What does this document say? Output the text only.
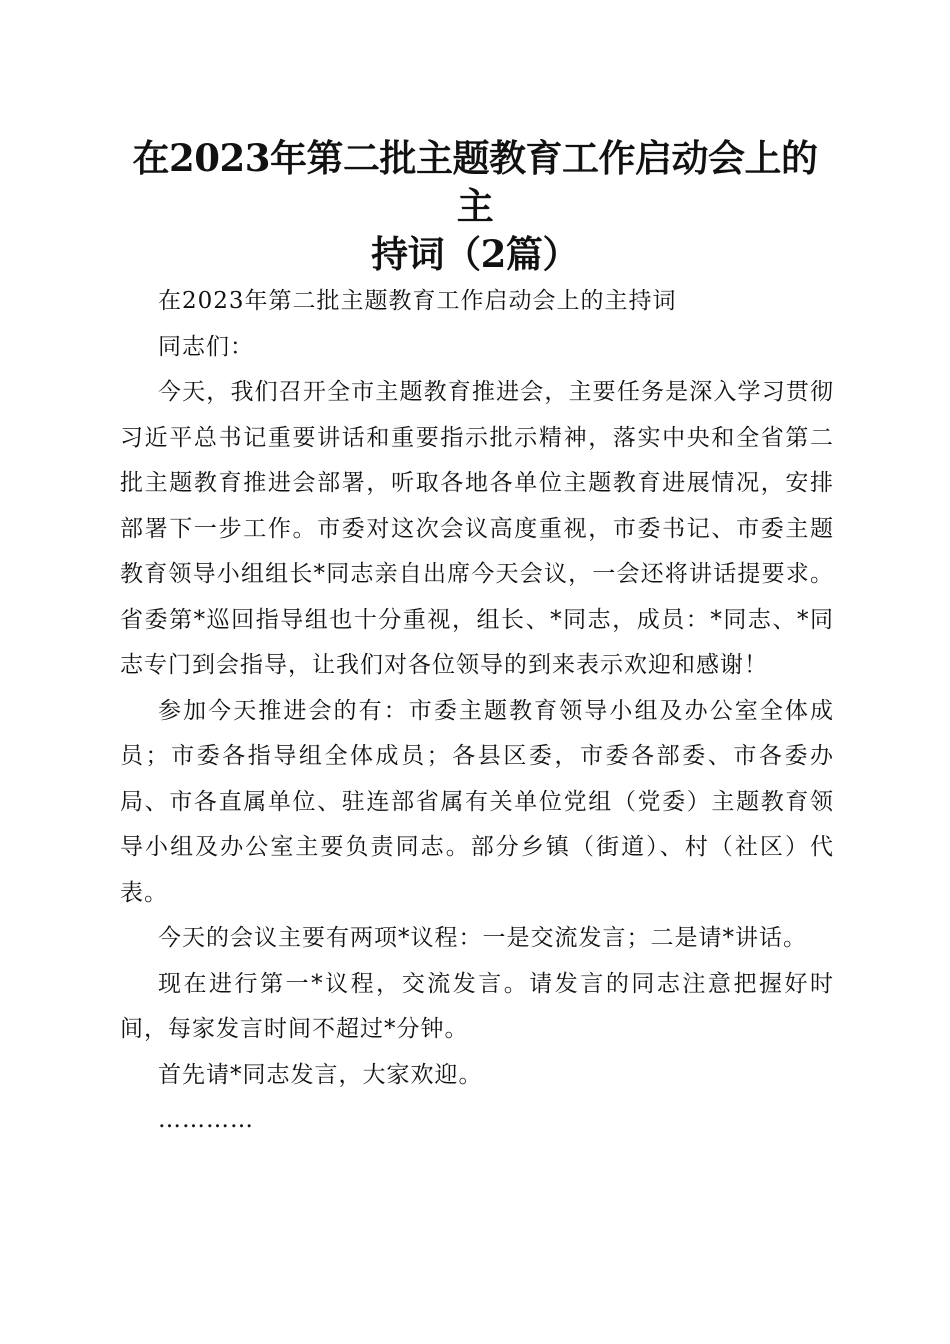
在2023年第二批主题教育工作启动会上的主
持词（2篇）

在2023年第二批主题教育工作启动会上的主持词

同志们：

今天，我们召开全市主题教育推进会，主要任务是深入学习贯彻习近平总书记重要讲话和重要指示批示精神，落实中央和全省第二批主题教育推进会部署，听取各地各单位主题教育进展情况，安排部署下一步工作。市委对这次会议高度重视，市委书记、市委主题教育领导小组组长*同志亲自出席今天会议，一会还将讲话提要求。省委第*巡回指导组也十分重视，组长、*同志，成员：*同志、*同志专门到会指导，让我们对各位领导的到来表示欢迎和感谢！

参加今天推进会的有：市委主题教育领导小组及办公室全体成员；市委各指导组全体成员；各县区委，市委各部委、市各委办局、市各直属单位、驻连部省属有关单位党组（党委）主题教育领导小组及办公室主要负责同志。部分乡镇（街道）、村（社区）代表。

今天的会议主要有两项*议程：一是交流发言；二是请*讲话。

现在进行第一*议程，交流发言。请发言的同志注意把握好时间，每家发言时间不超过*分钟。

首先请*同志发言，大家欢迎。

…………
